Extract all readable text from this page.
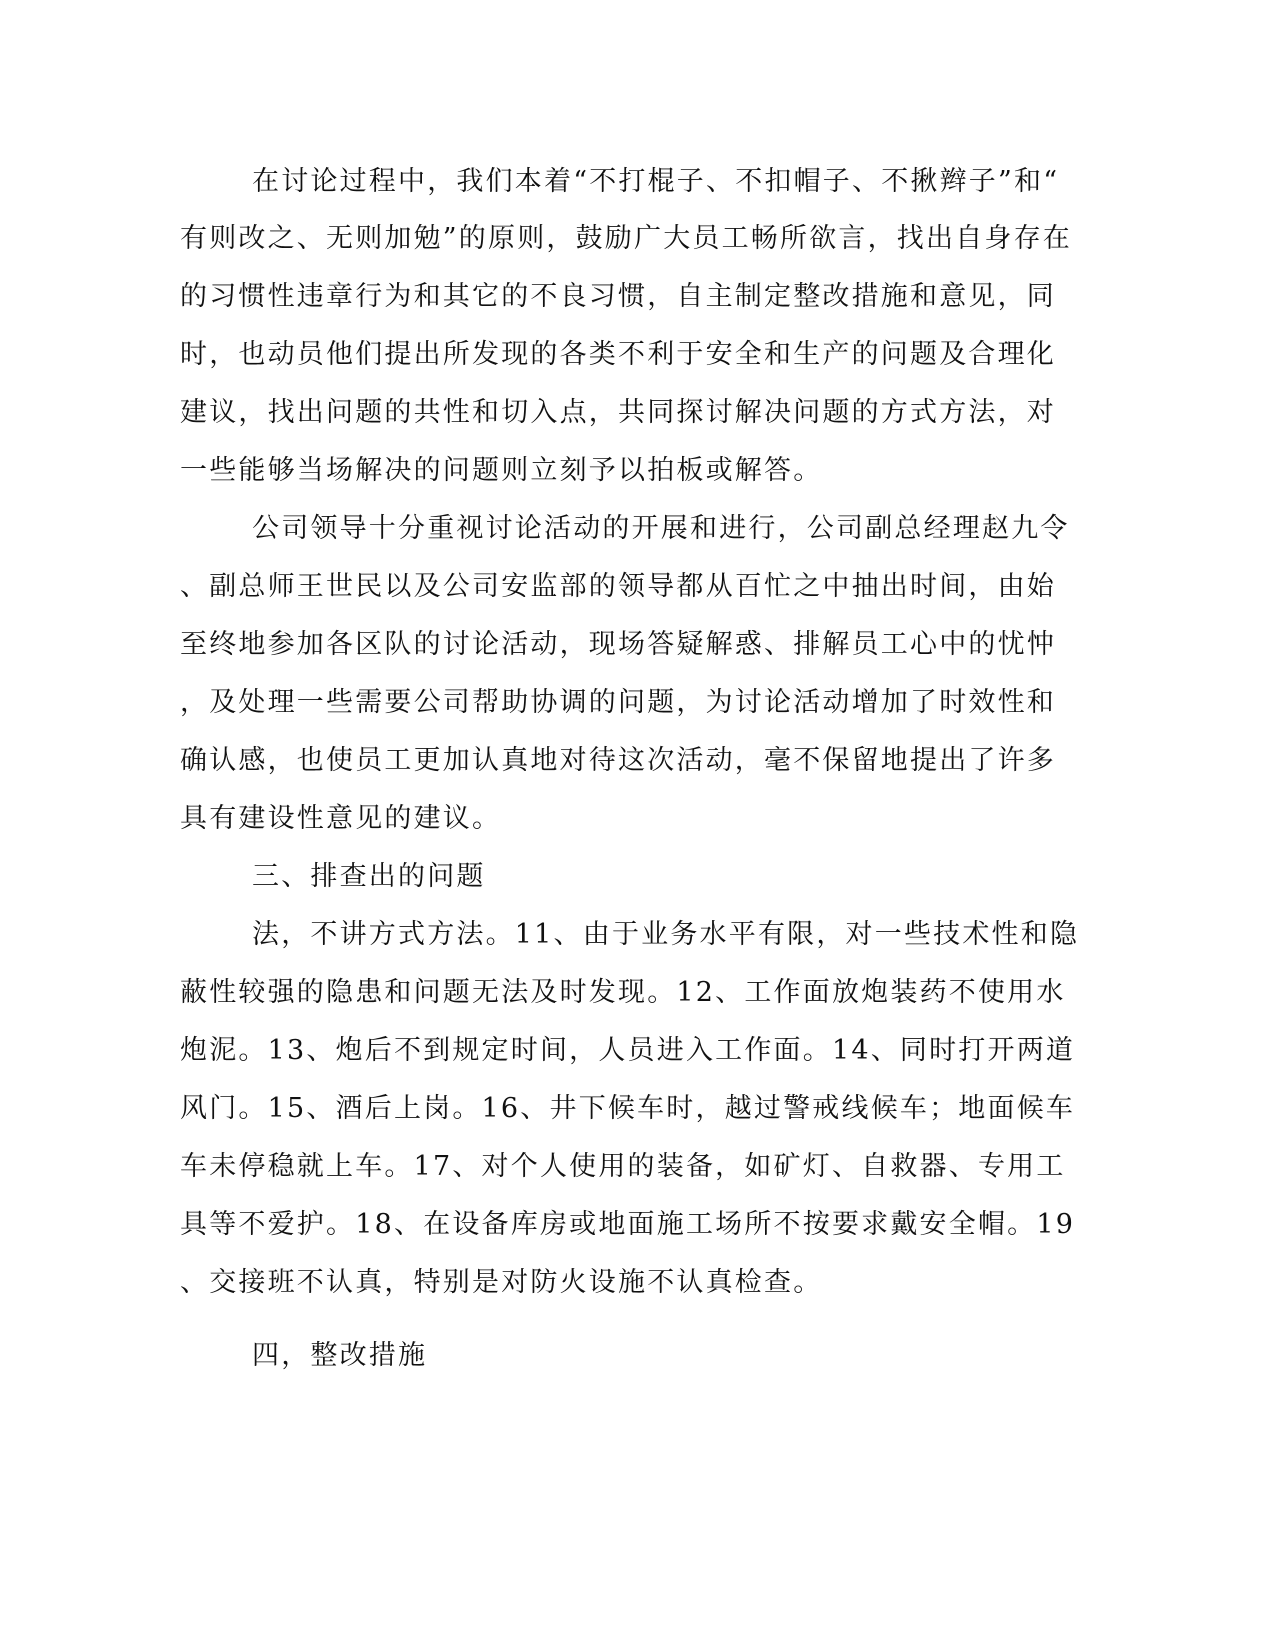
在讨论过程中，我们本着“不打棍子、不扣帽子、不揪辫子”和“
有则改之、无则加勉”的原则，鼓励广大员工畅所欲言，找出自身存在
的习惯性违章行为和其它的不良习惯，自主制定整改措施和意见，同
时，也动员他们提出所发现的各类不利于安全和生产的问题及合理化
建议，找出问题的共性和切入点，共同探讨解决问题的方式方法，对
一些能够当场解决的问题则立刻予以拍板或解答。
公司领导十分重视讨论活动的开展和进行，公司副总经理赵九令
、副总师王世民以及公司安监部的领导都从百忙之中抽出时间，由始
至终地参加各区队的讨论活动，现场答疑解惑、排解员工心中的忧忡
，及处理一些需要公司帮助协调的问题，为讨论活动增加了时效性和
确认感，也使员工更加认真地对待这次活动，毫不保留地提出了许多
具有建设性意见的建议。
三、排查出的问题
法，不讲方式方法。11、由于业务水平有限，对一些技术性和隐
蔽性较强的隐患和问题无法及时发现。12、工作面放炮装药不使用水
炮泥。13、炮后不到规定时间，人员进入工作面。14、同时打开两道
风门。15、酒后上岗。16、井下候车时，越过警戒线候车；地面候车
车未停稳就上车。17、对个人使用的装备，如矿灯、自救器、专用工
具等不爱护。18、在设备库房或地面施工场所不按要求戴安全帽。19
、交接班不认真，特别是对防火设施不认真检查。
四，整改措施
